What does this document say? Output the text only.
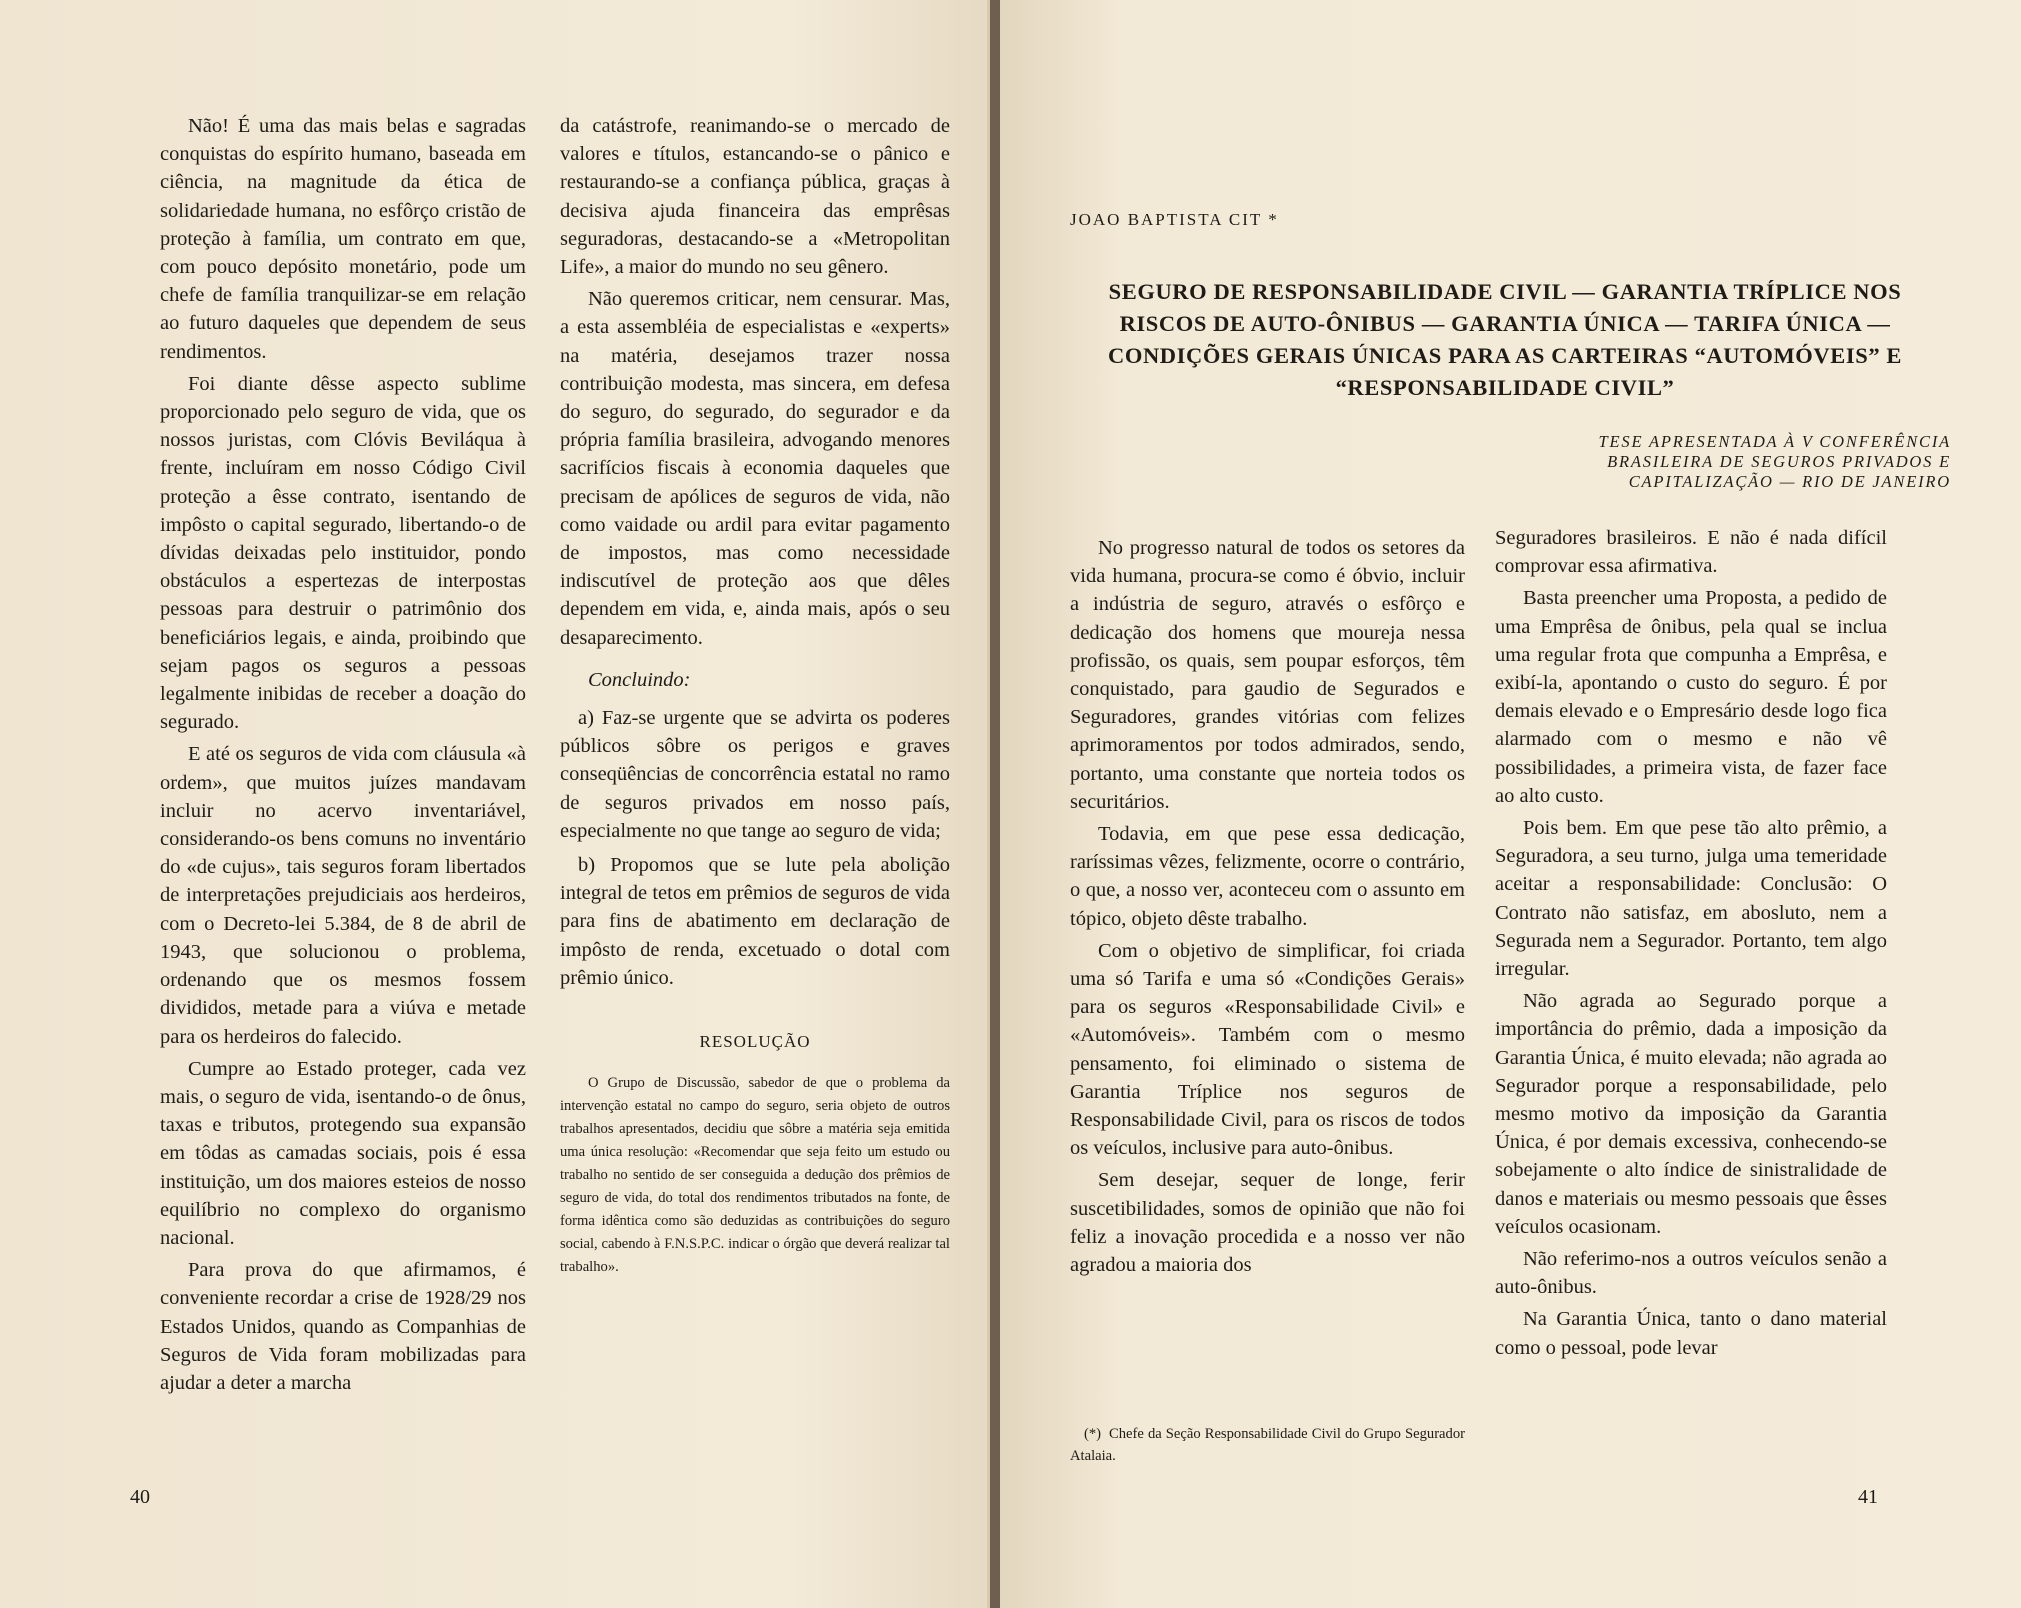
Não! É uma das mais belas e sagradas conquistas do espírito humano, baseada em ciência, na magnitude da ética de solidariedade humana, no esfôrço cristão de proteção à família, um contrato em que, com pouco depósito monetário, pode um chefe de família tranquilizar-se em relação ao futuro daqueles que dependem de seus rendimentos.

Foi diante dêsse aspecto sublime proporcionado pelo seguro de vida, que os nossos juristas, com Clóvis Beviláqua à frente, incluíram em nosso Código Civil proteção a êsse contrato, isentando de impôsto o capital segurado, libertando-o de dívidas deixadas pelo instituidor, pondo obstáculos a espertezas de interpostas pessoas para destruir o patrimônio dos beneficiários legais, e ainda, proibindo que sejam pagos os seguros a pessoas legalmente inibidas de receber a doação do segurado.

E até os seguros de vida com cláusula «à ordem», que muitos juízes mandavam incluir no acervo inventariável, considerando-os bens comuns no inventário do «de cujus», tais seguros foram libertados de interpretações prejudiciais aos herdeiros, com o Decreto-lei 5.384, de 8 de abril de 1943, que solucionou o problema, ordenando que os mesmos fossem divididos, metade para a viúva e metade para os herdeiros do falecido.

Cumpre ao Estado proteger, cada vez mais, o seguro de vida, isentando-o de ônus, taxas e tributos, protegendo sua expansão em tôdas as camadas sociais, pois é essa instituição, um dos maiores esteios de nosso equilíbrio no complexo do organismo nacional.

Para prova do que afirmamos, é conveniente recordar a crise de 1928/29 nos Estados Unidos, quando as Companhias de Seguros de Vida foram mobilizadas para ajudar a deter a marcha

da catástrofe, reanimando-se o mercado de valores e títulos, estancando-se o pânico e restaurando-se a confiança pública, graças à decisiva ajuda financeira das emprêsas seguradoras, destacando-se a «Metropolitan Life», a maior do mundo no seu gênero.

Não queremos criticar, nem censurar. Mas, a esta assembléia de especialistas e «experts» na matéria, desejamos trazer nossa contribuição modesta, mas sincera, em defesa do seguro, do segurado, do segurador e da própria família brasileira, advogando menores sacrifícios fiscais à economia daqueles que precisam de apólices de seguros de vida, não como vaidade ou ardil para evitar pagamento de impostos, mas como necessidade indiscutível de proteção aos que dêles dependem em vida, e, ainda mais, após o seu desaparecimento.

Concluindo:

a) Faz-se urgente que se advirta os poderes públicos sôbre os perigos e graves conseqüências de concorrência estatal no ramo de seguros privados em nosso país, especialmente no que tange ao seguro de vida;

b) Propomos que se lute pela abolição integral de tetos em prêmios de seguros de vida para fins de abatimento em declaração de impôsto de renda, excetuado o dotal com prêmio único.

RESOLUÇÃO

O Grupo de Discussão, sabedor de que o problema da intervenção estatal no campo do seguro, seria objeto de outros trabalhos apresentados, decidiu que sôbre a matéria seja emitida uma única resolução: «Recomendar que seja feito um estudo ou trabalho no sentido de ser conseguida a dedução dos prêmios de seguro de vida, do total dos rendimentos tributados na fonte, de forma idêntica como são deduzidas as contribuições do seguro social, cabendo à F.N.S.P.C. indicar o órgão que deverá realizar tal trabalho».

40
JOAO BAPTISTA CIT *
SEGURO DE RESPONSABILIDADE CIVIL — GARANTIA TRÍPLICE NOS RISCOS DE AUTO-ÔNIBUS — GARANTIA ÚNICA — TARIFA ÚNICA — CONDIÇÕES GERAIS ÚNICAS PARA AS CARTEIRAS “AUTOMÓVEIS” E “RESPONSABILIDADE CIVIL”
TESE APRESENTADA À V CONFERÊNCIA BRASILEIRA DE SEGUROS PRIVADOS E CAPITALIZAÇÃO — RIO DE JANEIRO

No progresso natural de todos os setores da vida humana, procura-se como é óbvio, incluir a indústria de seguro, através o esfôrço e dedicação dos homens que moureja nessa profissão, os quais, sem poupar esforços, têm conquistado, para gaudio de Segurados e Seguradores, grandes vitórias com felizes aprimoramentos por todos admirados, sendo, portanto, uma constante que norteia todos os securitários.

Todavia, em que pese essa dedicação, raríssimas vêzes, felizmente, ocorre o contrário, o que, a nosso ver, aconteceu com o assunto em tópico, objeto dêste trabalho.

Com o objetivo de simplificar, foi criada uma só Tarifa e uma só «Condições Gerais» para os seguros «Responsabilidade Civil» e «Automóveis». Também com o mesmo pensamento, foi eliminado o sistema de Garantia Tríplice nos seguros de Responsabilidade Civil, para os riscos de todos os veículos, inclusive para auto-ônibus.

Sem desejar, sequer de longe, ferir suscetibilidades, somos de opinião que não foi feliz a inovação procedida e a nosso ver não agradou a maioria dos

Seguradores brasileiros. E não é nada difícil comprovar essa afirmativa.

Basta preencher uma Proposta, a pedido de uma Emprêsa de ônibus, pela qual se inclua uma regular frota que compunha a Emprêsa, e exibí-la, apontando o custo do seguro. É por demais elevado e o Empresário desde logo fica alarmado com o mesmo e não vê possibilidades, a primeira vista, de fazer face ao alto custo.

Pois bem. Em que pese tão alto prêmio, a Seguradora, a seu turno, julga uma temeridade aceitar a responsabilidade: Conclusão: O Contrato não satisfaz, em abosluto, nem a Segurada nem a Segurador. Portanto, tem algo irregular.

Não agrada ao Segurado porque a importância do prêmio, dada a imposição da Garantia Única, é muito elevada; não agrada ao Segurador porque a responsabilidade, pelo mesmo motivo da imposição da Garantia Única, é por demais excessiva, conhecendo-se sobejamente o alto índice de sinistralidade de danos e materiais ou mesmo pessoais que êsses veículos ocasionam.

Não referimo-nos a outros veículos senão a auto-ônibus.

Na Garantia Única, tanto o dano material como o pessoal, pode levar

(*) Chefe da Seção Responsabilidade Civil do Grupo Segurador Atalaia.
41
